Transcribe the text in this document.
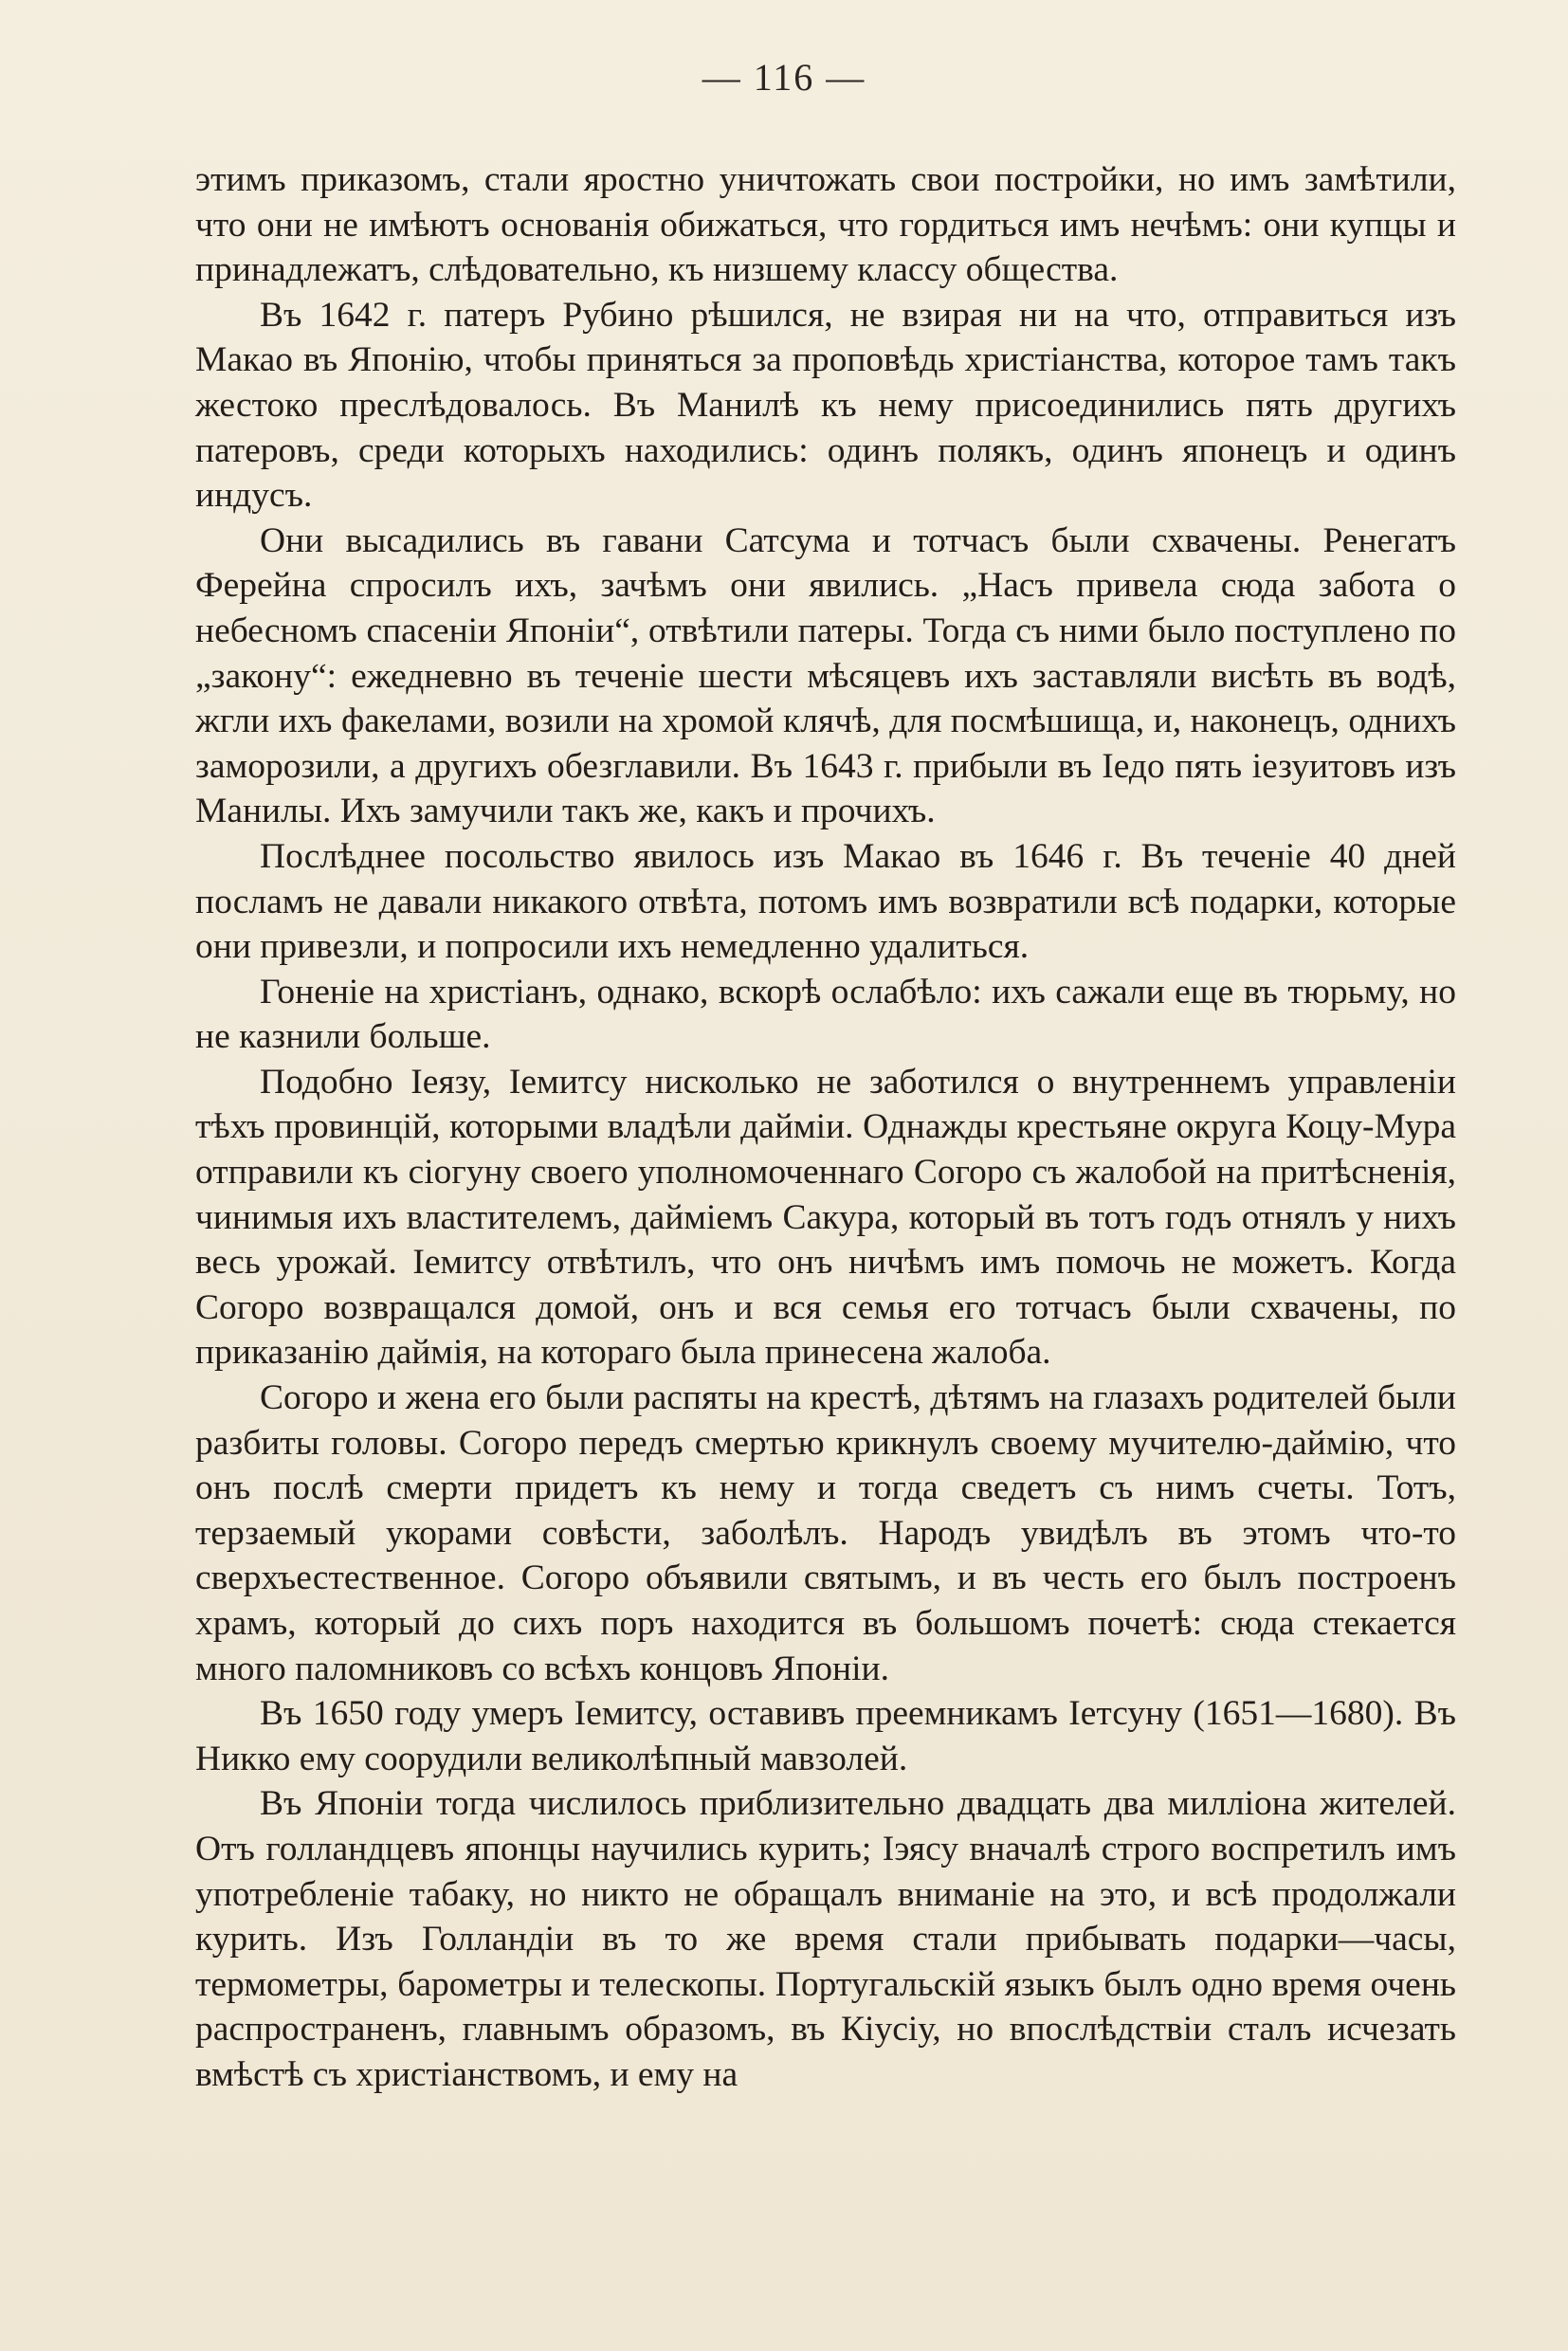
— 116 —

этимъ приказомъ, стали яростно уничтожать свои постройки, но имъ замѣтили, что они не имѣютъ основанія обижаться, что гордиться имъ нечѣмъ: они купцы и принадлежатъ, слѣдовательно, къ низшему классу общества.

Въ 1642 г. патеръ Рубино рѣшился, не взирая ни на что, отправиться изъ Макао въ Японію, чтобы приняться за проповѣдь христіанства, которое тамъ такъ жестоко преслѣдовалось. Въ Манилѣ къ нему присоединились пять другихъ патеровъ, среди которыхъ находились: одинъ полякъ, одинъ японецъ и одинъ индусъ.

Они высадились въ гавани Сатсума и тотчасъ были схвачены. Ренегатъ Ферейна спросилъ ихъ, зачѣмъ они явились. „Насъ привела сюда забота о небесномъ спасеніи Японіи“, отвѣтили патеры. Тогда съ ними было поступлено по „закону“: ежедневно въ теченіе шести мѣсяцевъ ихъ заставляли висѣть въ водѣ, жгли ихъ факелами, возили на хромой клячѣ, для посмѣшища, и, наконецъ, однихъ заморозили, а другихъ обезглавили. Въ 1643 г. прибыли въ Іедо пять іезуитовъ изъ Манилы. Ихъ замучили такъ же, какъ и прочихъ.

Послѣднее посольство явилось изъ Макао въ 1646 г. Въ теченіе 40 дней посламъ не давали никакого отвѣта, потомъ имъ возвратили всѣ подарки, которые они привезли, и попросили ихъ немедленно удалиться.

Гоненіе на христіанъ, однако, вскорѣ ослабѣло: ихъ сажали еще въ тюрьму, но не казнили больше.

Подобно Іеязу, Іемитсу нисколько не заботился о внутреннемъ управленіи тѣхъ провинцій, которыми владѣли дайміи. Однажды крестьяне округа Коцу-Мура отправили къ сіогуну своего уполномоченнаго Согоро съ жалобой на притѣсненія, чинимыя ихъ властителемъ, даймiемъ Сакура, который въ тотъ годъ отнялъ у нихъ весь урожай. Іемитсу отвѣтилъ, что онъ ничѣмъ имъ помочь не можетъ. Когда Согоро возвращался домой, онъ и вся семья его тотчасъ были схвачены, по приказанію даймія, на котораго была принесена жалоба.

Согоро и жена его были распяты на крестѣ, дѣтямъ на глазахъ родителей были разбиты головы. Согоро передъ смертью крикнулъ своему мучителю-даймію, что онъ послѣ смерти придетъ къ нему и тогда сведетъ съ нимъ счеты. Тотъ, терзаемый укорами совѣсти, заболѣлъ. Народъ увидѣлъ въ этомъ что-то сверхъестественное. Согоро объявили святымъ, и въ честь его былъ построенъ храмъ, который до сихъ поръ находится въ большомъ почетѣ: сюда стекается много паломниковъ со всѣхъ концовъ Японіи.

Въ 1650 году умеръ Іемитсу, оставивъ преемникамъ Іетсуну (1651—1680). Въ Никко ему соорудили великолѣпный мавзолей.

Въ Японіи тогда числилось приблизительно двадцать два милліона жителей. Отъ голландцевъ японцы научились курить; Іэясу вначалѣ строго воспретилъ имъ употребленіе табаку, но никто не обращалъ вниманіе на это, и всѣ продолжали курить. Изъ Голландіи въ то же время стали прибывать подарки—часы, термометры, барометры и телескопы. Португальскій языкъ былъ одно время очень распространенъ, главнымъ образомъ, въ Кіусіу, но впослѣдствіи сталъ исчезать вмѣстѣ съ христіанствомъ, и ему на
